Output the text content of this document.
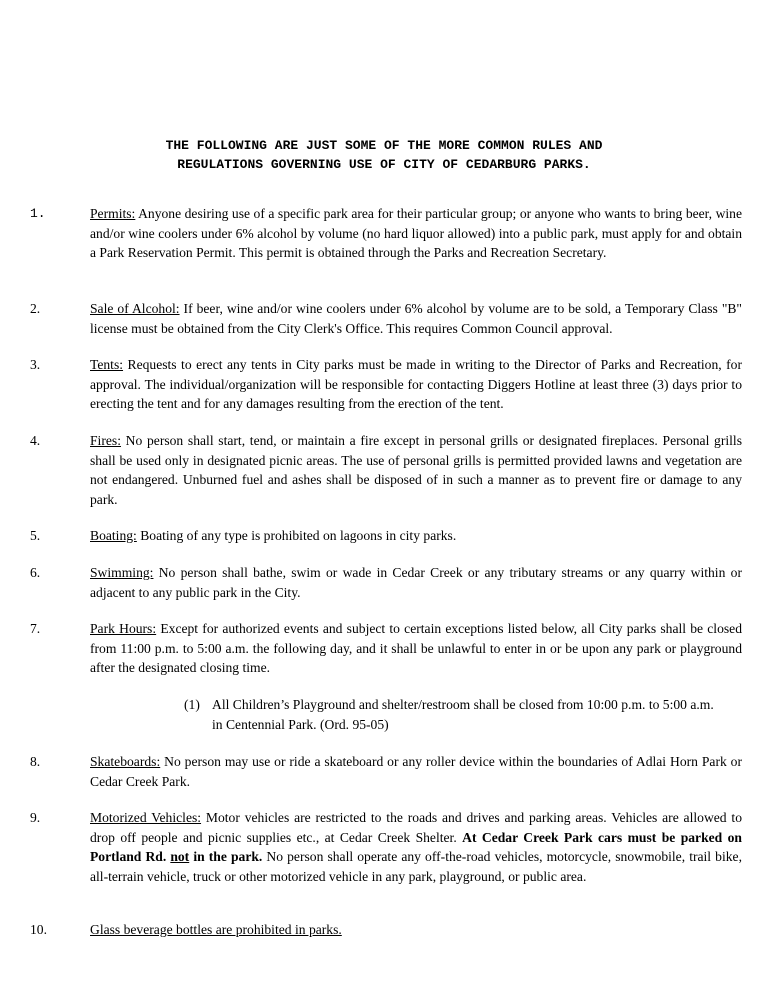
THE FOLLOWING ARE JUST SOME OF THE MORE COMMON RULES AND
REGULATIONS GOVERNING USE OF CITY OF CEDARBURG PARKS.
1.	Permits: Anyone desiring use of a specific park area for their particular group; or anyone who wants to bring beer, wine and/or wine coolers under 6% alcohol by volume (no hard liquor allowed) into a public park, must apply for and obtain a Park Reservation Permit. This permit is obtained through the Parks and Recreation Secretary.
2.	Sale of Alcohol: If beer, wine and/or wine coolers under 6% alcohol by volume are to be sold, a Temporary Class "B" license must be obtained from the City Clerk's Office. This requires Common Council approval.
3.	Tents: Requests to erect any tents in City parks must be made in writing to the Director of Parks and Recreation, for approval. The individual/organization will be responsible for contacting Diggers Hotline at least three (3) days prior to erecting the tent and for any damages resulting from the erection of the tent.
4.	Fires: No person shall start, tend, or maintain a fire except in personal grills or designated fireplaces. Personal grills shall be used only in designated picnic areas. The use of personal grills is permitted provided lawns and vegetation are not endangered. Unburned fuel and ashes shall be disposed of in such a manner as to prevent fire or damage to any park.
5.	Boating: Boating of any type is prohibited on lagoons in city parks.
6.	Swimming: No person shall bathe, swim or wade in Cedar Creek or any tributary streams or any quarry within or adjacent to any public park in the City.
7.	Park Hours: Except for authorized events and subject to certain exceptions listed below, all City parks shall be closed from 11:00 p.m. to 5:00 a.m. the following day, and it shall be unlawful to enter in or be upon any park or playground after the designated closing time.
(1) All Children’s Playground and shelter/restroom shall be closed from 10:00 p.m. to 5:00 a.m.
in Centennial Park. (Ord. 95-05)
8.	Skateboards: No person may use or ride a skateboard or any roller device within the boundaries of Adlai Horn Park or Cedar Creek Park.
9.	Motorized Vehicles: Motor vehicles are restricted to the roads and drives and parking areas. Vehicles are allowed to drop off people and picnic supplies etc., at Cedar Creek Shelter. At Cedar Creek Park cars must be parked on Portland Rd. not in the park. No person shall operate any off-the-road vehicles, motorcycle, snowmobile, trail bike, all-terrain vehicle, truck or other motorized vehicle in any park, playground, or public area.
10.	Glass beverage bottles are prohibited in parks.
